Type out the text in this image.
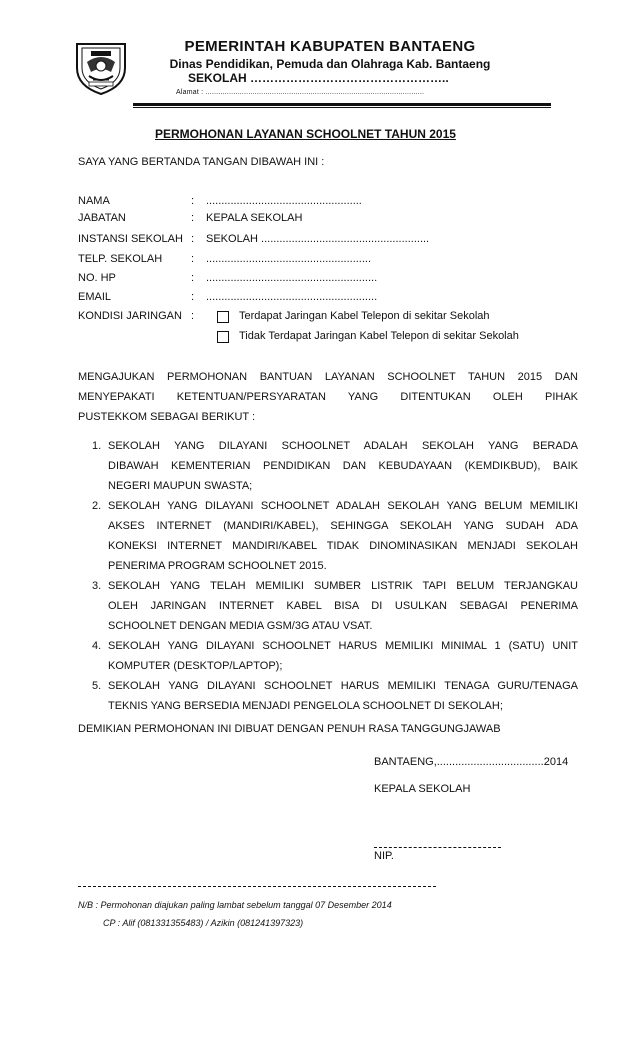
PEMERINTAH KABUPATEN BANTAENG
Dinas Pendidikan, Pemuda dan Olahraga Kab. Bantaeng
SEKOLAH …………………………………………..
Alamat : ......................................................................................................
PERMOHONAN LAYANAN SCHOOLNET TAHUN 2015
SAYA YANG BERTANDA TANGAN DIBAWAH INI :
NAMA	: ...................................................
JABATAN	: KEPALA SEKOLAH
INSTANSI SEKOLAH : SEKOLAH .......................................................
TELP. SEKOLAH	: ......................................................
NO. HP	: ........................................................
EMAIL	: ........................................................
KONDISI JARINGAN :	Terdapat Jaringan Kabel Telepon di sekitar Sekolah
Tidak Terdapat Jaringan Kabel Telepon di sekitar Sekolah
MENGAJUKAN PERMOHONAN BANTUAN LAYANAN SCHOOLNET TAHUN 2015 DAN
MENYEPAKATI KETENTUAN/PERSYARATAN YANG DITENTUKAN OLEH PIHAK
PUSTEKKOM SEBAGAI BERIKUT :
1. SEKOLAH YANG DILAYANI SCHOOLNET ADALAH SEKOLAH YANG BERADA
DIBAWAH KEMENTERIAN PENDIDIKAN DAN KEBUDAYAAN (KEMDIKBUD), BAIK
NEGERI MAUPUN SWASTA;
2. SEKOLAH YANG DILAYANI SCHOOLNET ADALAH SEKOLAH YANG BELUM MEMILIKI
AKSES INTERNET (MANDIRI/KABEL), SEHINGGA SEKOLAH YANG SUDAH ADA
KONEKSI INTERNET MANDIRI/KABEL TIDAK DINOMINASIKAN MENJADI SEKOLAH
PENERIMA PROGRAM SCHOOLNET 2015.
3. SEKOLAH YANG TELAH MEMILIKI SUMBER LISTRIK TAPI BELUM TERJANGKAU
OLEH JARINGAN INTERNET KABEL BISA DI USULKAN SEBAGAI PENERIMA
SCHOOLNET DENGAN MEDIA GSM/3G ATAU VSAT.
4. SEKOLAH YANG DILAYANI SCHOOLNET HARUS MEMILIKI MINIMAL 1 (SATU) UNIT
KOMPUTER (DESKTOP/LAPTOP);
5. SEKOLAH YANG DILAYANI SCHOOLNET HARUS MEMILIKI TENAGA GURU/TENAGA
TEKNIS YANG BERSEDIA MENJADI PENGELOLA SCHOOLNET DI SEKOLAH;
DEMIKIAN PERMOHONAN INI DIBUAT DENGAN PENUH RASA TANGGUNGJAWAB
BANTAENG,...................................2014
KEPALA SEKOLAH
NIP.
N/B : Permohonan diajukan paling lambat sebelum tanggal 07 Desember 2014
CP : Alif (081331355483) / Azikin (081241397323)
